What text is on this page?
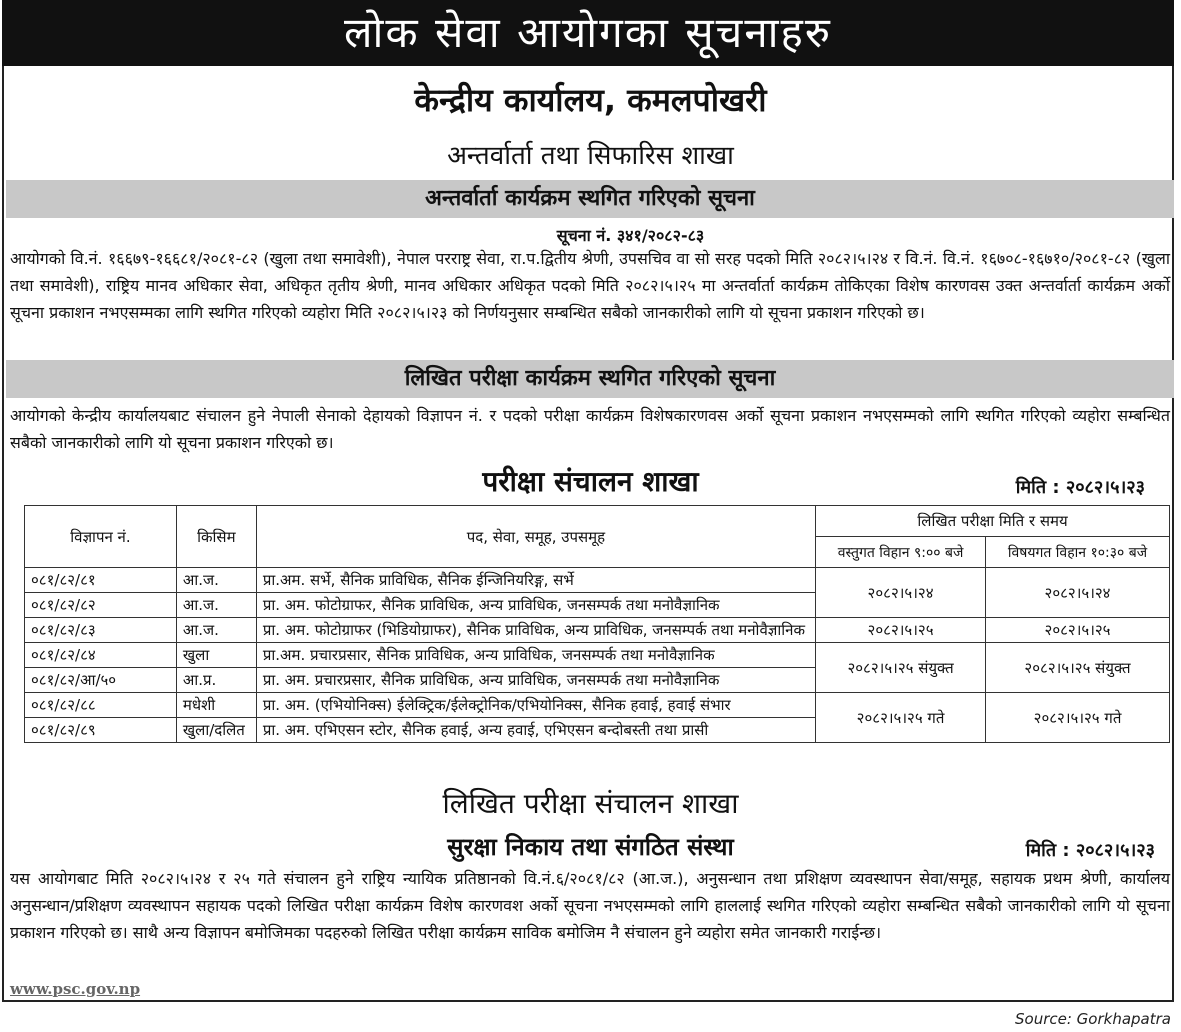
लोक सेवा आयोगका सूचनाहरु
केन्द्रीय कार्यालय, कमलपोखरी
अन्तर्वार्ता तथा सिफारिस शाखा
अन्तर्वार्ता कार्यक्रम स्थगित गरिएको सूचना
सूचना नं. ३४१/२०८२-८३
आयोगको वि.नं. १६६७९-१६६८१/२०८१-८२ (खुला तथा समावेशी), नेपाल परराष्ट्र सेवा, रा.प.द्वितीय श्रेणी, उपसचिव वा सो सरह पदको मिति २०८२।५।२४ र वि.नं. वि.नं. १६७०८-१६७१०/२०८१-८२ (खुला तथा समावेशी), राष्ट्रिय मानव अधिकार सेवा, अधिकृत तृतीय श्रेणी, मानव अधिकार अधिकृत पदको मिति २०८२।५।२५ मा अन्तर्वार्ता कार्यक्रम तोकिएका विशेष कारणवस उक्त अन्तर्वार्ता कार्यक्रम अर्को सूचना प्रकाशन नभएसम्मका लागि स्थगित गरिएको व्यहोरा मिति २०८२।५।२३ को निर्णयनुसार सम्बन्धित सबैको जानकारीको लागि यो सूचना प्रकाशन गरिएको छ।
लिखित परीक्षा कार्यक्रम स्थगित गरिएको सूचना
आयोगको केन्द्रीय कार्यालयबाट संचालन हुने नेपाली सेनाको देहायको विज्ञापन नं. र पदको परीक्षा कार्यक्रम विशेषकारणवस अर्को सूचना प्रकाशन नभएसम्मको लागि स्थगित गरिएको व्यहोरा सम्बन्धित सबैको जानकारीको लागि यो सूचना प्रकाशन गरिएको छ।
परीक्षा संचालन शाखा	मिति : २०८२।५।२३
विज्ञापन नं.	किसिम	पद, सेवा, समूह, उपसमूह	लिखित परीक्षा मिति र समय	
			वस्तुगत विहान ९:०० बजे	विषयगत विहान १०:३० बजे
०८१/८२/८१	आ.ज.	प्रा.अम. सर्भे, सैनिक प्राविधिक, सैनिक ईन्जिनियरिङ्ग, सर्भे	२०८२।५।२४	२०८२।५।२४
०८१/८२/८२	आ.ज.	प्रा. अम. फोटोग्राफर, सैनिक प्राविधिक, अन्य प्राविधिक, जनसम्पर्क तथा मनोवैज्ञानिक		
०८१/८२/८३	आ.ज.	प्रा. अम. फोटोग्राफर (भिडियोग्राफर), सैनिक प्राविधिक, अन्य प्राविधिक, जनसम्पर्क तथा मनोवैज्ञानिक	२०८२।५।२५	२०८२।५।२५
०८१/८२/८४	खुला	प्रा.अम. प्रचारप्रसार, सैनिक प्राविधिक, अन्य प्राविधिक, जनसम्पर्क तथा मनोवैज्ञानिक	२०८२।५।२५ संयुक्त	२०८२।५।२५ संयुक्त
०८१/८२/आ/५०	आ.प्र.	प्रा. अम. प्रचारप्रसार, सैनिक प्राविधिक, अन्य प्राविधिक, जनसम्पर्क तथा मनोवैज्ञानिक		
०८१/८२/८८	मधेशी	प्रा. अम. (एभियोनिक्स) ईलेक्ट्रिक/ईलेक्ट्रोनिक/एभियोनिक्स, सैनिक हवाई, हवाई संभार	२०८२।५।२५ गते	२०८२।५।२५ गते
०८१/८२/८९	खुला/दलित	प्रा. अम. एभिएसन स्टोर, सैनिक हवाई, अन्य हवाई, एभिएसन बन्दोबस्ती तथा प्रासी		
लिखित परीक्षा संचालन शाखा
सुरक्षा निकाय तथा संगठित संस्था	मिति : २०८२।५।२३
यस आयोगबाट मिति २०८२।५।२४ र २५ गते संचालन हुने राष्ट्रिय न्यायिक प्रतिष्ठानको वि.नं.६/२०८१/८२ (आ.ज.), अनुसन्धान तथा प्रशिक्षण व्यवस्थापन सेवा/समूह, सहायक प्रथम श्रेणी, कार्यालय अनुसन्धान/प्रशिक्षण व्यवस्थापन सहायक पदको लिखित परीक्षा कार्यक्रम विशेष कारणवश अर्को सूचना नभएसम्मको लागि हाललाई स्थगित गरिएको व्यहोरा सम्बन्धित सबैको जानकारीको लागि यो सूचना प्रकाशन गरिएको छ। साथै अन्य विज्ञापन बमोजिमका पदहरुको लिखित परीक्षा कार्यक्रम साविक बमोजिम नै संचालन हुने व्यहोरा समेत जानकारी गराईन्छ।
www.psc.gov.np
Source: Gorkhapatra
